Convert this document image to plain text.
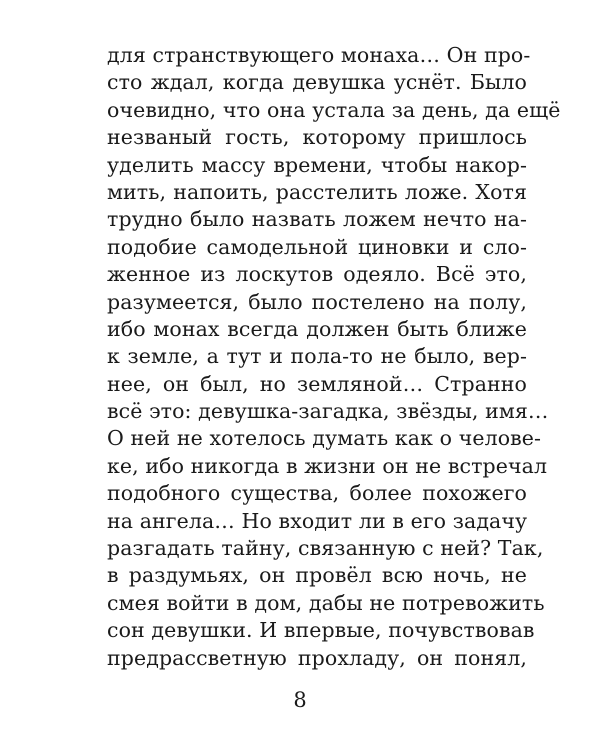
для странствующего монаха… Он про-
сто ждал, когда девушка уснёт. Было
очевидно, что она устала за день, да ещё
незваный гость, которому пришлось
уделить массу времени, чтобы накор-
мить, напоить, расстелить ложе. Хотя
трудно было назвать ложем нечто на-
подобие самодельной циновки и сло-
женное из лоскутов одеяло. Всё это,
разумеется, было постелено на полу,
ибо монах всегда должен быть ближе
к земле, а тут и пола-то не было, вер-
нее, он был, но земляной… Странно
всё это: девушка-загадка, звёзды, имя…
О ней не хотелось думать как о челове-
ке, ибо никогда в жизни он не встречал
подобного существа, более похожего
на ангела… Но входит ли в его задачу
разгадать тайну, связанную с ней? Так,
в раздумьях, он провёл всю ночь, не
смея войти в дом, дабы не потревожить
сон девушки. И впервые, почувствовав
предрассветную прохладу, он понял,
8
